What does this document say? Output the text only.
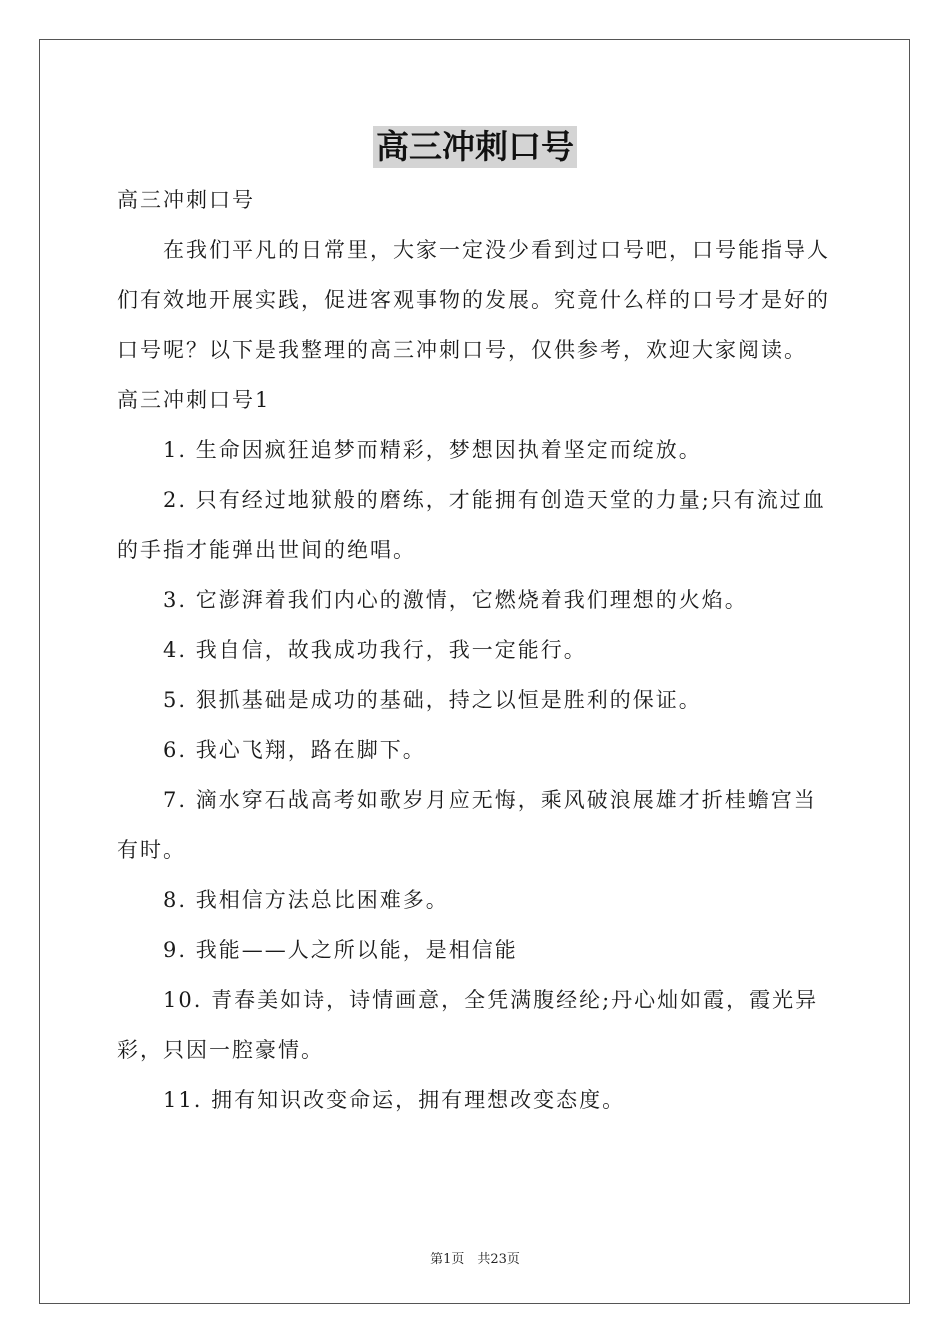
高三冲刺口号

高三冲刺口号

在我们平凡的日常里，大家一定没少看到过口号吧，口号能指导人们有效地开展实践，促进客观事物的发展。究竟什么样的口号才是好的口号呢？以下是我整理的高三冲刺口号，仅供参考，欢迎大家阅读。

高三冲刺口号1

1. 生命因疯狂追梦而精彩，梦想因执着坚定而绽放。

2. 只有经过地狱般的磨练，才能拥有创造天堂的力量;只有流过血的手指才能弹出世间的绝唱。

3. 它澎湃着我们内心的激情，它燃烧着我们理想的火焰。

4. 我自信，故我成功我行，我一定能行。

5. 狠抓基础是成功的基础，持之以恒是胜利的保证。

6. 我心飞翔，路在脚下。

7. 滴水穿石战高考如歌岁月应无悔，乘风破浪展雄才折桂蟾宫当有时。

8. 我相信方法总比困难多。

9. 我能——人之所以能，是相信能

10. 青春美如诗，诗情画意，全凭满腹经纶;丹心灿如霞，霞光异彩，只因一腔豪情。

11. 拥有知识改变命运，拥有理想改变态度。

第1页　共23页
